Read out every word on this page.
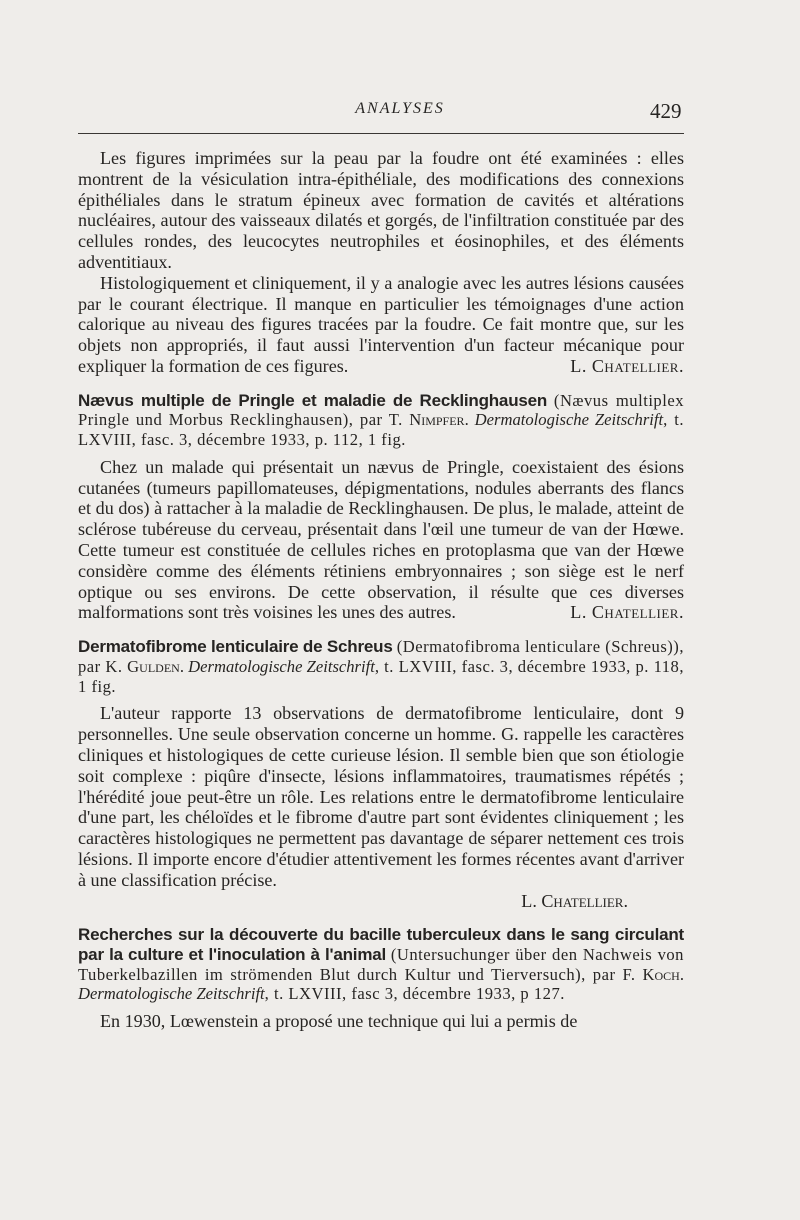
ANALYSES	429

Les figures imprimées sur la peau par la foudre ont été examinées : elles montrent de la vésiculation intra-épithéliale, des modifications des connexions épithéliales dans le stratum épineux avec formation de cavités et altérations nucléaires, autour des vaisseaux dilatés et gorgés, de l'infiltration constituée par des cellules rondes, des leucocytes neutrophiles et éosinophiles, et des éléments adventitiaux.

Histologiquement et cliniquement, il y a analogie avec les autres lésions causées par le courant électrique. Il manque en particulier les témoignages d'une action calorique au niveau des figures tracées par la foudre. Ce fait montre que, sur les objets non appropriés, il faut aussi l'intervention d'un facteur mécanique pour expliquer la formation de ces figures.	L. Chatellier.

Nævus multiple de Pringle et maladie de Recklinghausen (Nævus multiplex Pringle und Morbus Recklinghausen), par T. Nimpfer. Dermatologische Zeitschrift, t. LXVIII, fasc. 3, décembre 1933, p. 112, 1 fig.

Chez un malade qui présentait un nævus de Pringle, coexistaient des ésions cutanées (tumeurs papillomateuses, dépigmentations, nodules aberrants des flancs et du dos) à rattacher à la maladie de Recklinghausen. De plus, le malade, atteint de sclérose tubéreuse du cerveau, présentait dans l'œil une tumeur de van der Hœwe. Cette tumeur est constituée de cellules riches en protoplasma que van der Hœwe considère comme des éléments rétiniens embryonnaires ; son siège est le nerf optique ou ses environs. De cette observation, il résulte que ces diverses malformations sont très voisines les unes des autres.	L. Chatellier.

Dermatofibrome lenticulaire de Schreus (Dermatofibroma lenticulare (Schreus)), par K. Gulden. Dermatologische Zeitschrift, t. LXVIII, fasc. 3, décembre 1933, p. 118, 1 fig.

L'auteur rapporte 13 observations de dermatofibrome lenticulaire, dont 9 personnelles. Une seule observation concerne un homme. G. rappelle les caractères cliniques et histologiques de cette curieuse lésion. Il semble bien que son étiologie soit complexe : piqûre d'insecte, lésions inflammatoires, traumatismes répétés ; l'hérédité joue peut-être un rôle. Les relations entre le dermatofibrome lenticulaire d'une part, les chéloïdes et le fibrome d'autre part sont évidentes cliniquement ; les caractères histologiques ne permettent pas davantage de séparer nettement ces trois lésions. Il importe encore d'étudier attentivement les formes récentes avant d'arriver à une classification précise.

L. Chatellier.

Recherches sur la découverte du bacille tuberculeux dans le sang circulant par la culture et l'inoculation à l'animal (Untersuchunger über den Nachweis von Tuberkelbazillen im strömenden Blut durch Kultur und Tierversuch), par F. Koch. Dermatologische Zeitschrift, t. LXVIII, fasc 3, décembre 1933, p 127.

En 1930, Lœwenstein a proposé une technique qui lui a permis de
